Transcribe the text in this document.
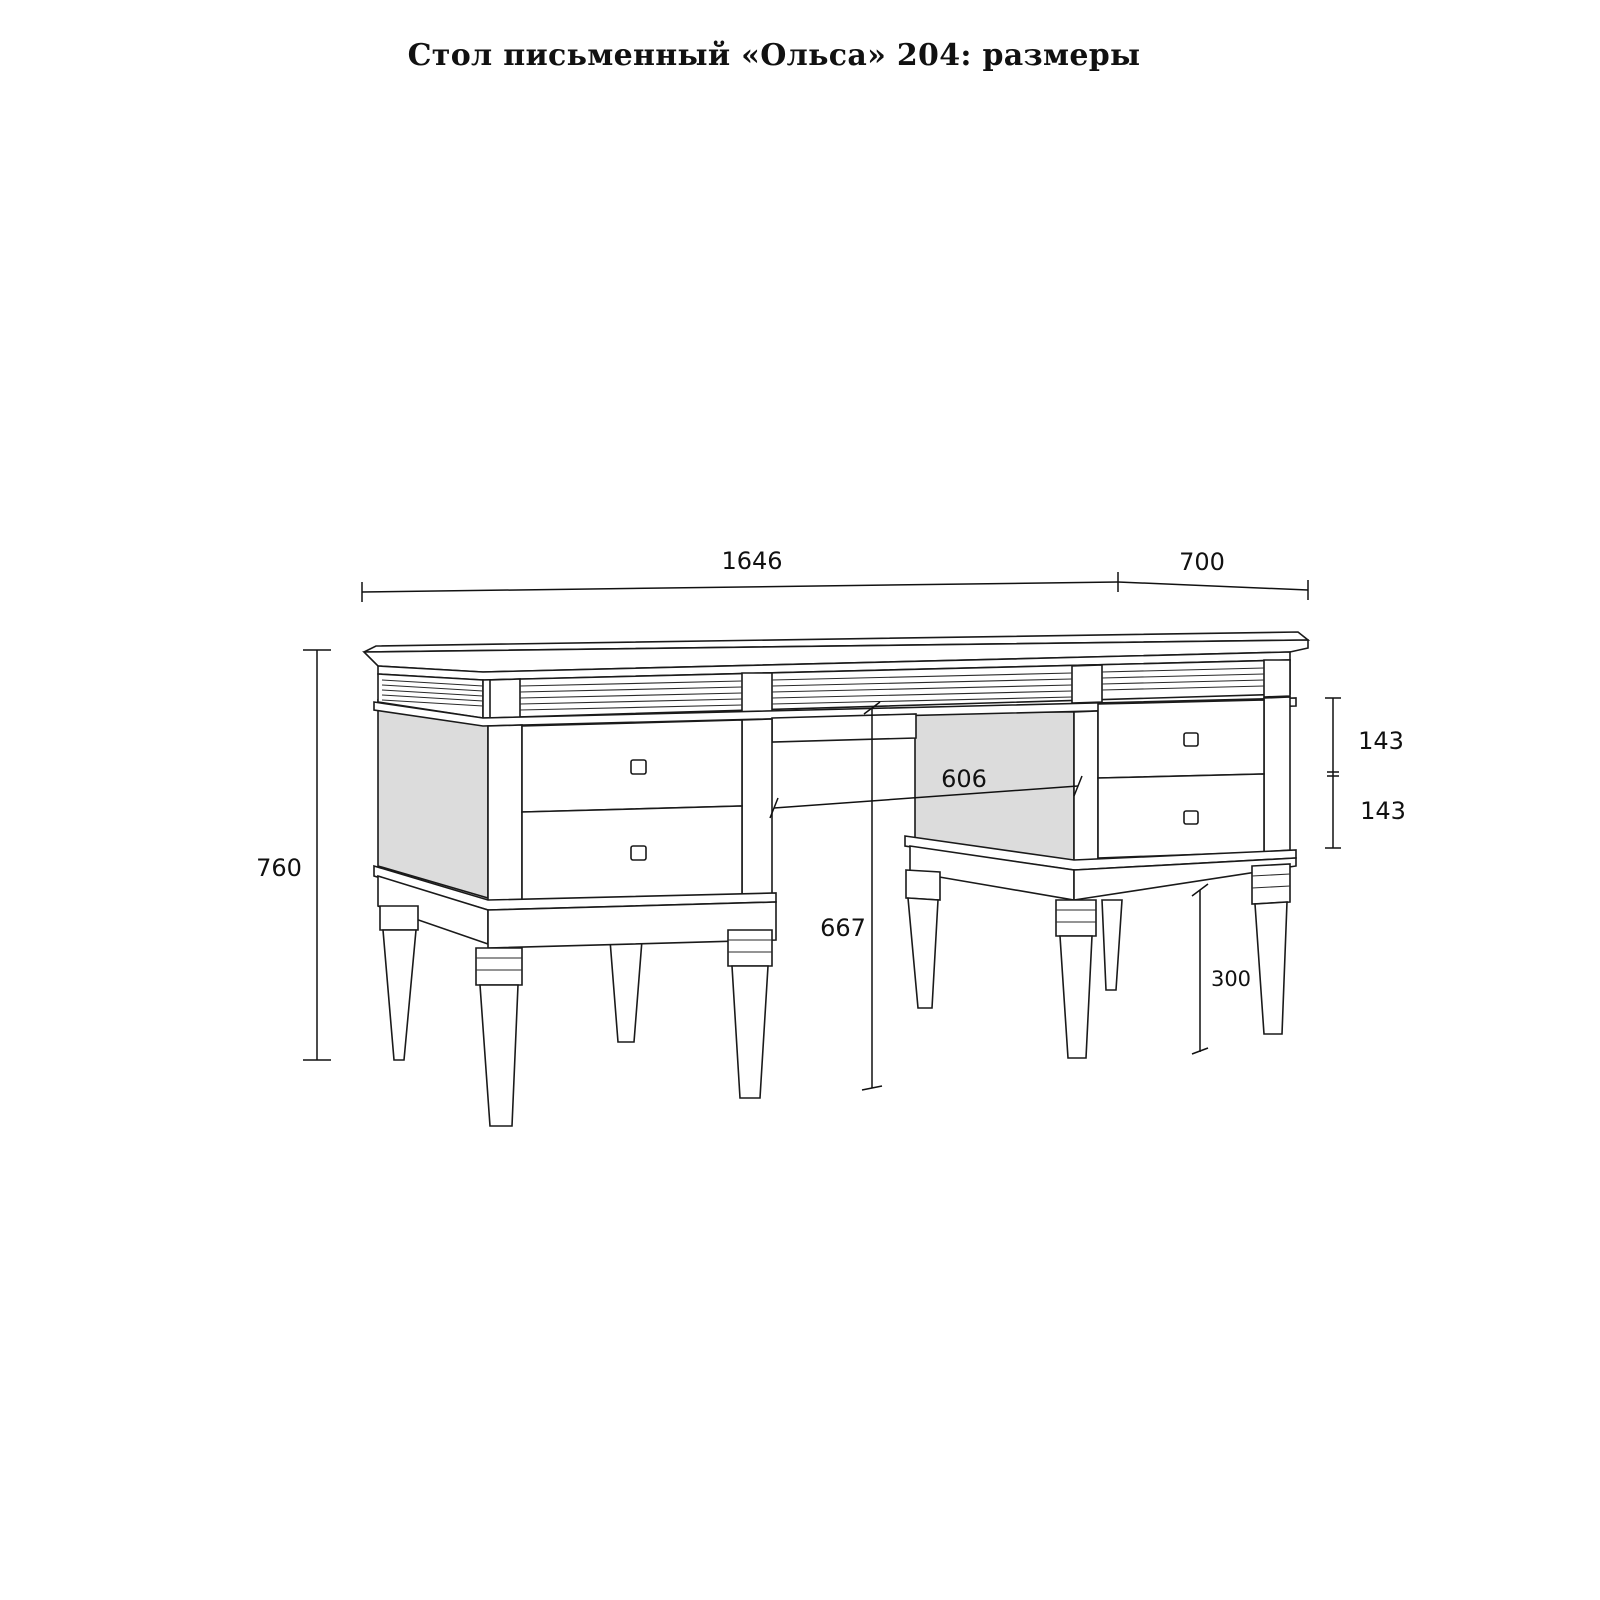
Стол письменный «Ольса» 204: размеры
1646	700
760
606
667
143
143
300
